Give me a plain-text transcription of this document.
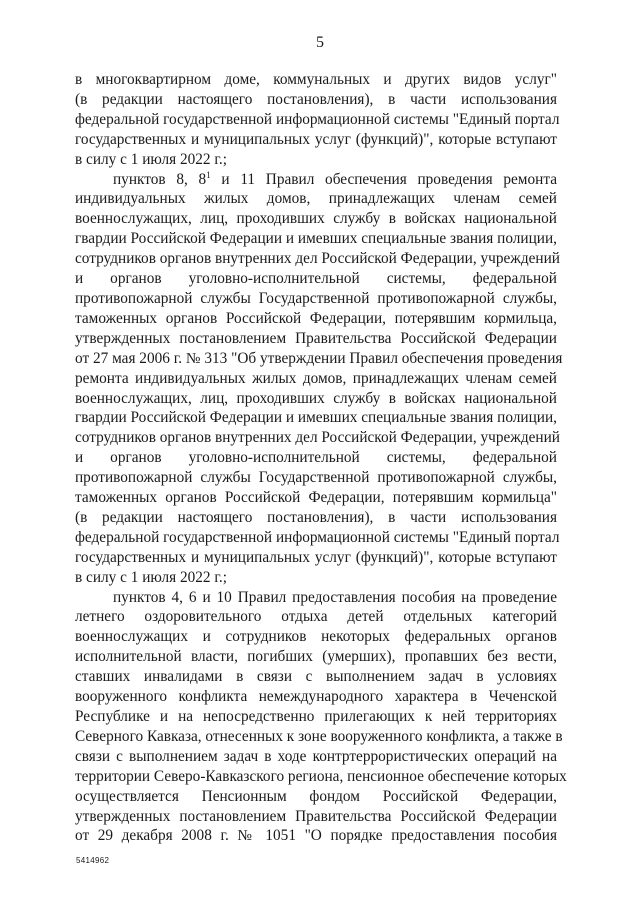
5
в многоквартирном доме, коммунальных и других видов услуг"
(в редакции настоящего постановления), в части использования
федеральной государственной информационной системы "Единый портал
государственных и муниципальных услуг (функций)", которые вступают
в силу с 1 июля 2022 г.;
пунктов 8, $8^1$ и 11 Правил обеспечения проведения ремонта
индивидуальных жилых домов, принадлежащих членам семей
военнослужащих, лиц, проходивших службу в войсках национальной
гвардии Российской Федерации и имевших специальные звания полиции,
сотрудников органов внутренних дел Российской Федерации, учреждений
и органов уголовно-исполнительной системы, федеральной
противопожарной службы Государственной противопожарной службы,
таможенных органов Российской Федерации, потерявшим кормильца,
утвержденных постановлением Правительства Российской Федерации
от 27 мая 2006 г. № 313 "Об утверждении Правил обеспечения проведения
ремонта индивидуальных жилых домов, принадлежащих членам семей
военнослужащих, лиц, проходивших службу в войсках национальной
гвардии Российской Федерации и имевших специальные звания полиции,
сотрудников органов внутренних дел Российской Федерации, учреждений
и органов уголовно-исполнительной системы, федеральной
противопожарной службы Государственной противопожарной службы,
таможенных органов Российской Федерации, потерявшим кормильца"
(в редакции настоящего постановления), в части использования
федеральной государственной информационной системы "Единый портал
государственных и муниципальных услуг (функций)", которые вступают
в силу с 1 июля 2022 г.;
пунктов 4, 6 и 10 Правил предоставления пособия на проведение
летнего оздоровительного отдыха детей отдельных категорий
военнослужащих и сотрудников некоторых федеральных органов
исполнительной власти, погибших (умерших), пропавших без вести,
ставших инвалидами в связи с выполнением задач в условиях
вооруженного конфликта немеждународного характера в Чеченской
Республике и на непосредственно прилегающих к ней территориях
Северного Кавказа, отнесенных к зоне вооруженного конфликта, а также в
связи с выполнением задач в ходе контртеррористических операций на
территории Северо-Кавказского региона, пенсионное обеспечение которых
осуществляется Пенсионным фондом Российской Федерации,
утвержденных постановлением Правительства Российской Федерации
от 29 декабря 2008 г. № 1051 "О порядке предоставления пособия
5414962
